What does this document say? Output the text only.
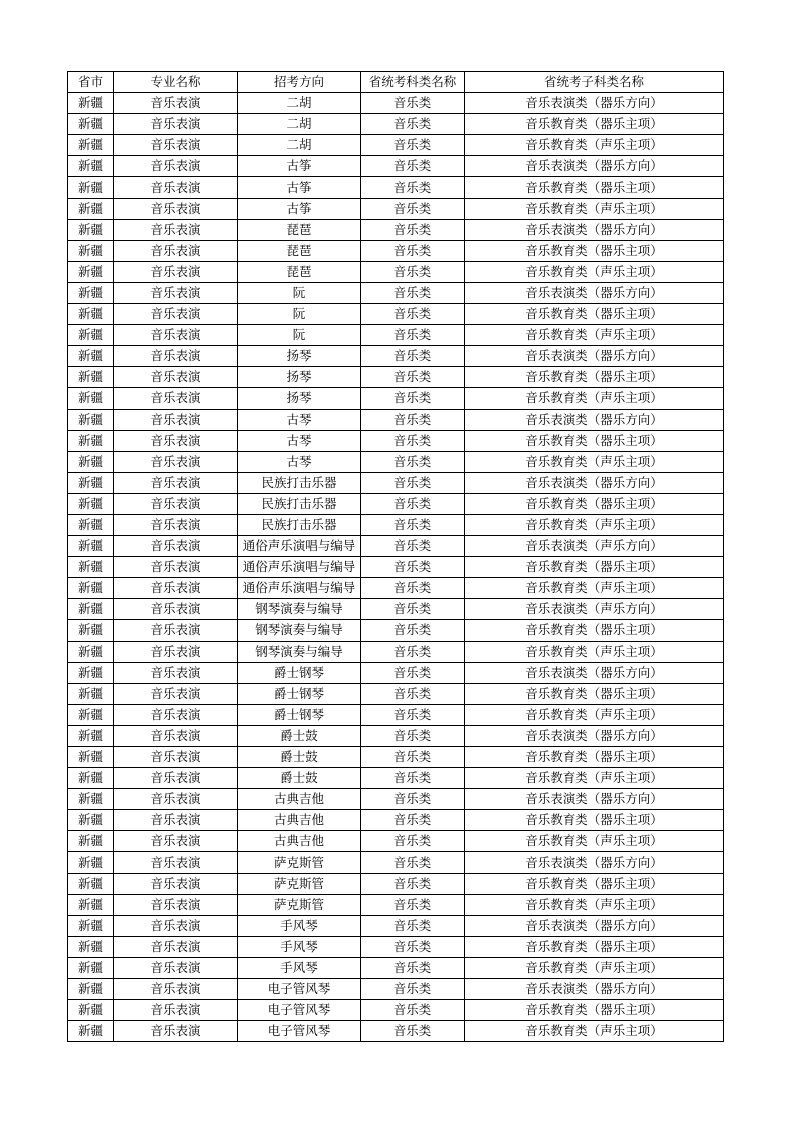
省市	专业名称	招考方向	省统考科类名称	省统考子科类名称
新疆	音乐表演	二胡	音乐类	音乐表演类（器乐方向）
新疆	音乐表演	二胡	音乐类	音乐教育类（器乐主项）
新疆	音乐表演	二胡	音乐类	音乐教育类（声乐主项）
新疆	音乐表演	古筝	音乐类	音乐表演类（器乐方向）
新疆	音乐表演	古筝	音乐类	音乐教育类（器乐主项）
新疆	音乐表演	古筝	音乐类	音乐教育类（声乐主项）
新疆	音乐表演	琵琶	音乐类	音乐表演类（器乐方向）
新疆	音乐表演	琵琶	音乐类	音乐教育类（器乐主项）
新疆	音乐表演	琵琶	音乐类	音乐教育类（声乐主项）
新疆	音乐表演	阮	音乐类	音乐表演类（器乐方向）
新疆	音乐表演	阮	音乐类	音乐教育类（器乐主项）
新疆	音乐表演	阮	音乐类	音乐教育类（声乐主项）
新疆	音乐表演	扬琴	音乐类	音乐表演类（器乐方向）
新疆	音乐表演	扬琴	音乐类	音乐教育类（器乐主项）
新疆	音乐表演	扬琴	音乐类	音乐教育类（声乐主项）
新疆	音乐表演	古琴	音乐类	音乐表演类（器乐方向）
新疆	音乐表演	古琴	音乐类	音乐教育类（器乐主项）
新疆	音乐表演	古琴	音乐类	音乐教育类（声乐主项）
新疆	音乐表演	民族打击乐器	音乐类	音乐表演类（器乐方向）
新疆	音乐表演	民族打击乐器	音乐类	音乐教育类（器乐主项）
新疆	音乐表演	民族打击乐器	音乐类	音乐教育类（声乐主项）
新疆	音乐表演	通俗声乐演唱与编导	音乐类	音乐表演类（声乐方向）
新疆	音乐表演	通俗声乐演唱与编导	音乐类	音乐教育类（器乐主项）
新疆	音乐表演	通俗声乐演唱与编导	音乐类	音乐教育类（声乐主项）
新疆	音乐表演	钢琴演奏与编导	音乐类	音乐表演类（声乐方向）
新疆	音乐表演	钢琴演奏与编导	音乐类	音乐教育类（器乐主项）
新疆	音乐表演	钢琴演奏与编导	音乐类	音乐教育类（声乐主项）
新疆	音乐表演	爵士钢琴	音乐类	音乐表演类（器乐方向）
新疆	音乐表演	爵士钢琴	音乐类	音乐教育类（器乐主项）
新疆	音乐表演	爵士钢琴	音乐类	音乐教育类（声乐主项）
新疆	音乐表演	爵士鼓	音乐类	音乐表演类（器乐方向）
新疆	音乐表演	爵士鼓	音乐类	音乐教育类（器乐主项）
新疆	音乐表演	爵士鼓	音乐类	音乐教育类（声乐主项）
新疆	音乐表演	古典吉他	音乐类	音乐表演类（器乐方向）
新疆	音乐表演	古典吉他	音乐类	音乐教育类（器乐主项）
新疆	音乐表演	古典吉他	音乐类	音乐教育类（声乐主项）
新疆	音乐表演	萨克斯管	音乐类	音乐表演类（器乐方向）
新疆	音乐表演	萨克斯管	音乐类	音乐教育类（器乐主项）
新疆	音乐表演	萨克斯管	音乐类	音乐教育类（声乐主项）
新疆	音乐表演	手风琴	音乐类	音乐表演类（器乐方向）
新疆	音乐表演	手风琴	音乐类	音乐教育类（器乐主项）
新疆	音乐表演	手风琴	音乐类	音乐教育类（声乐主项）
新疆	音乐表演	电子管风琴	音乐类	音乐表演类（器乐方向）
新疆	音乐表演	电子管风琴	音乐类	音乐教育类（器乐主项）
新疆	音乐表演	电子管风琴	音乐类	音乐教育类（声乐主项）
